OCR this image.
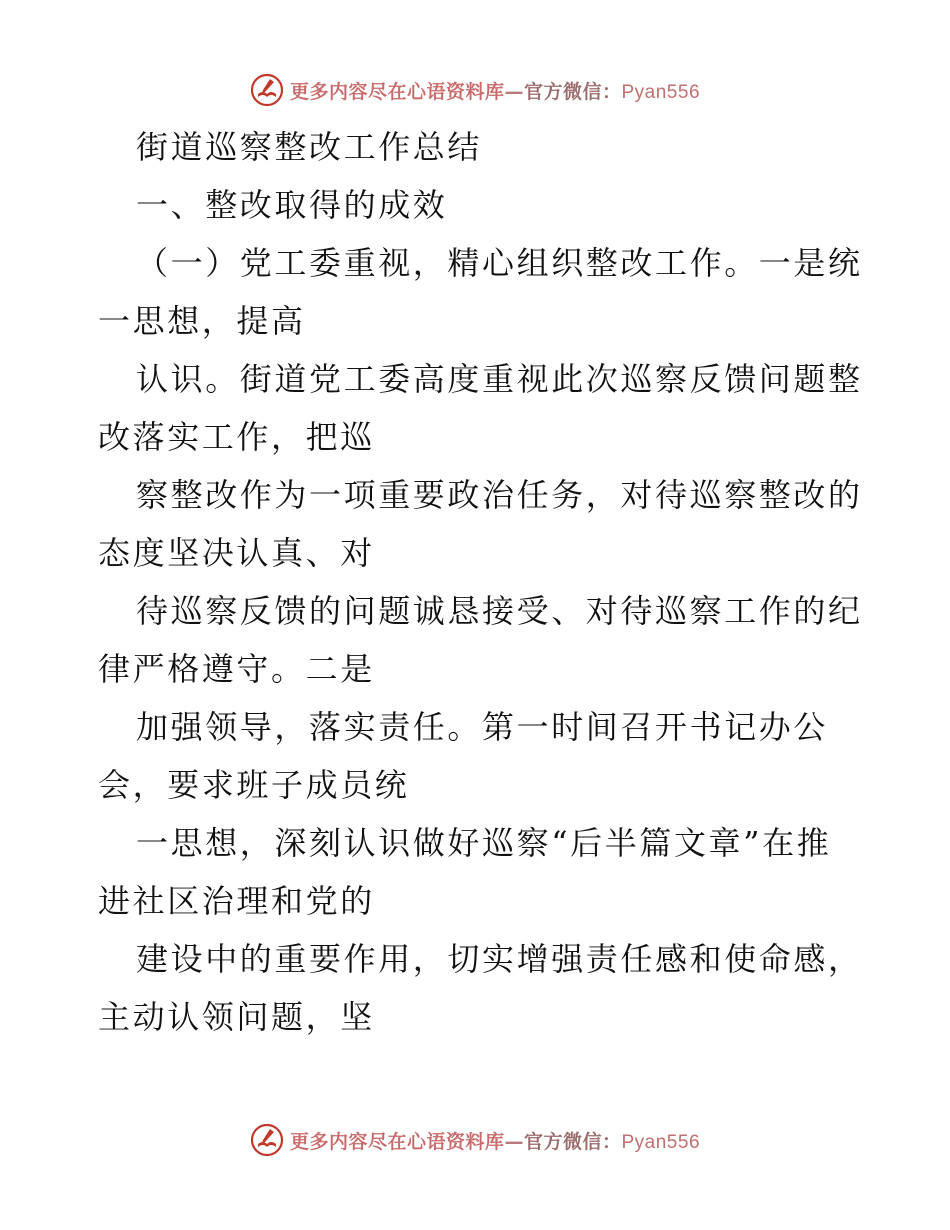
更多内容尽在心语资料库—官方微信：Pyan556
街道巡察整改工作总结
一、整改取得的成效
（一）党工委重视，精心组织整改工作。一是统
一思想，提高
认识。街道党工委高度重视此次巡察反馈问题整
改落实工作，把巡
察整改作为一项重要政治任务，对待巡察整改的
态度坚决认真、对
待巡察反馈的问题诚恳接受、对待巡察工作的纪
律严格遵守。二是
加强领导，落实责任。第一时间召开书记办公
会，要求班子成员统
一思想，深刻认识做好巡察“后半篇文章”在推
进社区治理和党的
建设中的重要作用，切实增强责任感和使命感，
主动认领问题，坚
更多内容尽在心语资料库—官方微信：Pyan556
